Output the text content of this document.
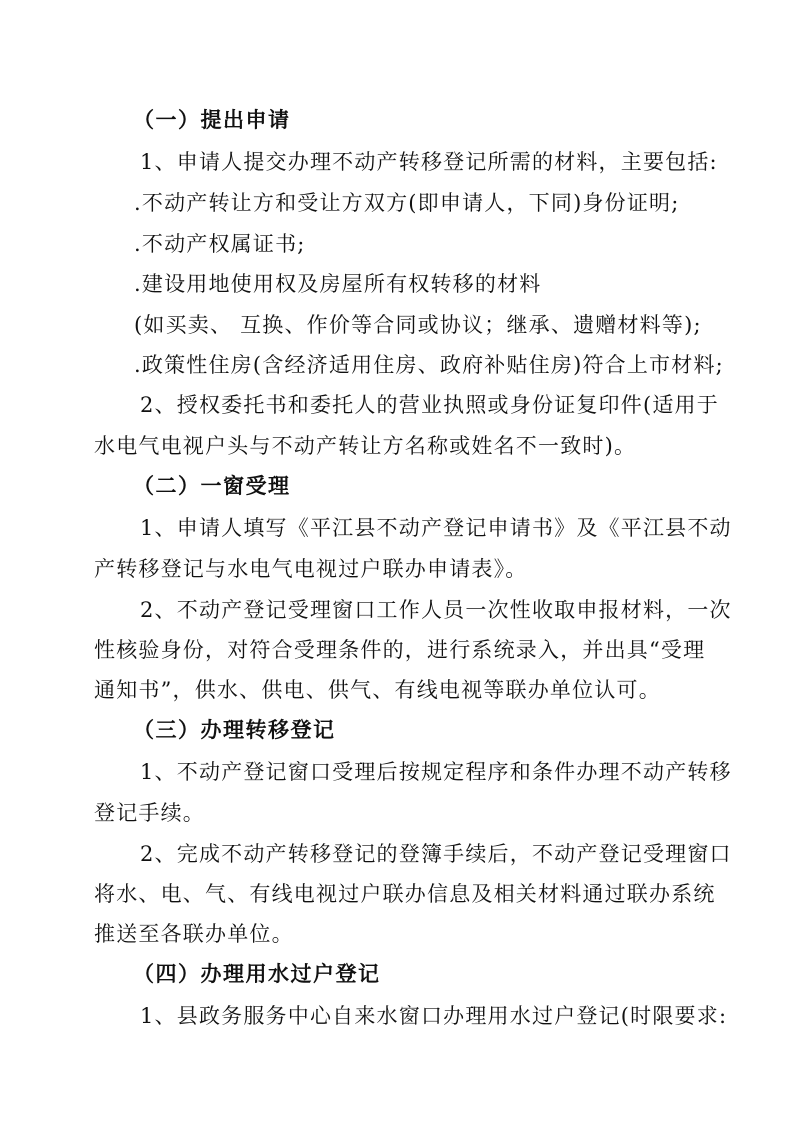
（一）提出申请
1、申请人提交办理不动产转移登记所需的材料，主要包括:
.不动产转让方和受让方双方(即申请人，下同)身份证明;
.不动产权属证书;
.建设用地使用权及房屋所有权转移的材料
(如买卖、 互换、作价等合同或协议；继承、遗赠材料等);
.政策性住房(含经济适用住房、政府补贴住房)符合上市材料;
2、授权委托书和委托人的营业执照或身份证复印件(适用于
水电气电视户头与不动产转让方名称或姓名不一致时)。
（二）一窗受理
1、申请人填写《平江县不动产登记申请书》及《平江县不动
产转移登记与水电气电视过户联办申请表》。
2、不动产登记受理窗口工作人员一次性收取申报材料，一次
性核验身份，对符合受理条件的，进行系统录入，并出具“受理
通知书”，供水、供电、供气、有线电视等联办单位认可。
（三）办理转移登记
1、不动产登记窗口受理后按规定程序和条件办理不动产转移
登记手续。
2、完成不动产转移登记的登簿手续后，不动产登记受理窗口
将水、电、气、有线电视过户联办信息及相关材料通过联办系统
推送至各联办单位。
（四）办理用水过户登记
1、县政务服务中心自来水窗口办理用水过户登记(时限要求:
